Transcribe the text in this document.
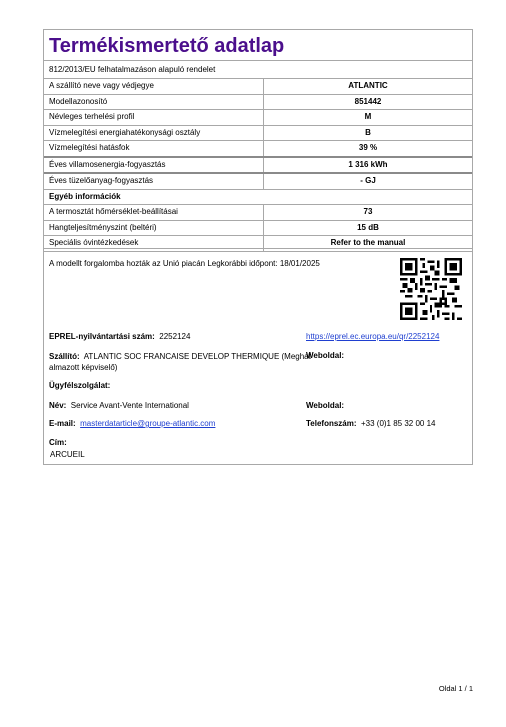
Termékismertető adatlap
812/2013/EU felhatalmazáson alapuló rendelet
A szállító neve vagy védjegye	ATLANTIC
Modellazonosító	851442
Névleges terhelési profil	M
Vízmelegítési energiahatékonysági osztály	B
Vízmelegítési hatásfok	39 %
Éves villamosenergia-fogyasztás	1 316 kWh
Éves tüzelőanyag-fogyasztás	- GJ
Egyéb információk
A termosztát hőmérséklet-beállításai	73
Hangteljesítményszint (beltéri)	15 dB
Speciális óvintézkedések	Refer to the manual
A modellt forgalomba hozták az Unió piacán Legkorábbi időpont: 18/01/2025
EPREL-nyilvántartási szám: 2252124	https://eprel.ec.europa.eu/qr/2252124
Szállító: ATLANTIC SOC FRANCAISE DEVELOP THERMIQUE (Meghat
almazott képviselő)
Weboldal:
Ügyfélszolgálat:
Név: Service Avant-Vente International	Weboldal:
E-mail: masterdatarticle@groupe-atlantic.com	Telefonszám: +33 (0)1 85 32 00 14
Cím:
ARCUEIL
Oldal 1 / 1
